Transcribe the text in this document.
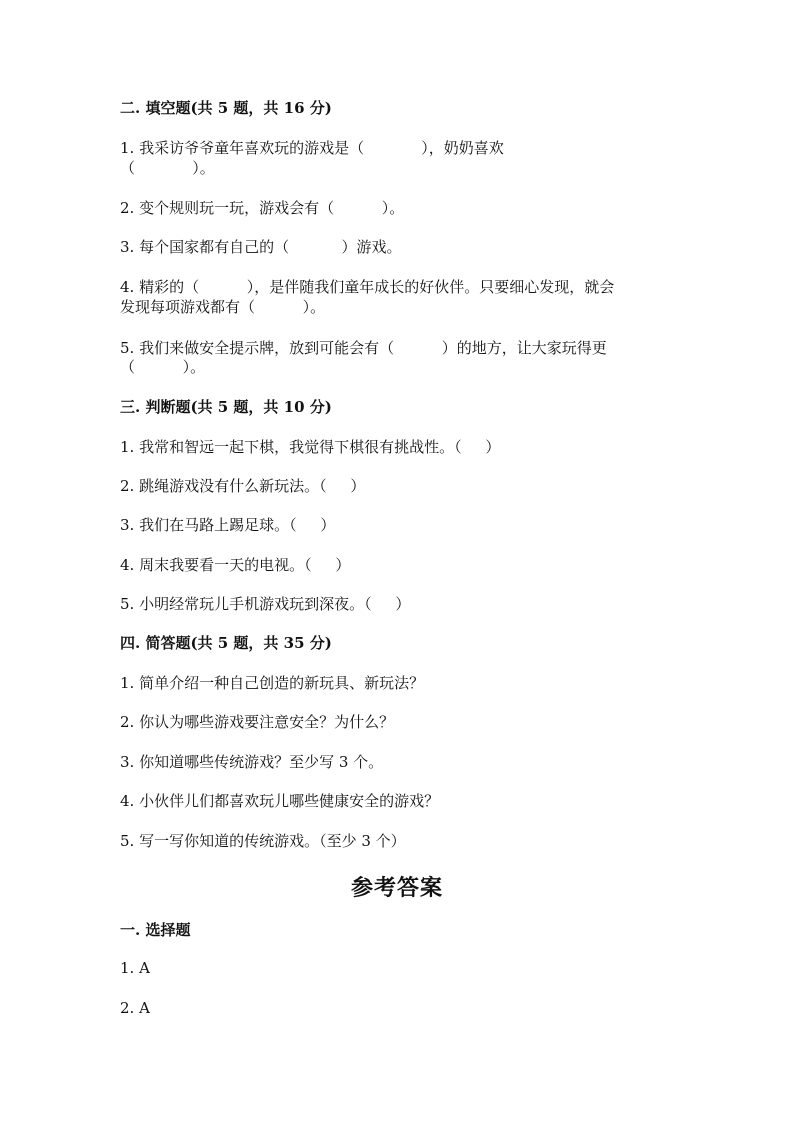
二. 填空题(共 5 题，共 16 分)
1. 我采访爷爷童年喜欢玩的游戏是（            ），奶奶喜欢
（            ）。
2. 变个规则玩一玩，游戏会有（          ）。
3. 每个国家都有自己的（           ）游戏。
4. 精彩的（          ），是伴随我们童年成长的好伙伴。只要细心发现，就会
发现每项游戏都有（          ）。
5. 我们来做安全提示牌，放到可能会有（          ）的地方，让大家玩得更
（          ）。
三. 判断题(共 5 题，共 10 分)
1. 我常和智远一起下棋，我觉得下棋很有挑战性。（     ）
2. 跳绳游戏没有什么新玩法。（     ）
3. 我们在马路上踢足球。（     ）
4. 周末我要看一天的电视。（     ）
5. 小明经常玩儿手机游戏玩到深夜。（     ）
四. 简答题(共 5 题，共 35 分)
1. 简单介绍一种自己创造的新玩具、新玩法？
2. 你认为哪些游戏要注意安全？为什么？
3. 你知道哪些传统游戏？至少写 3 个。
4. 小伙伴儿们都喜欢玩儿哪些健康安全的游戏？
5. 写一写你知道的传统游戏。（至少 3 个）
参考答案
一. 选择题
1. A
2. A
